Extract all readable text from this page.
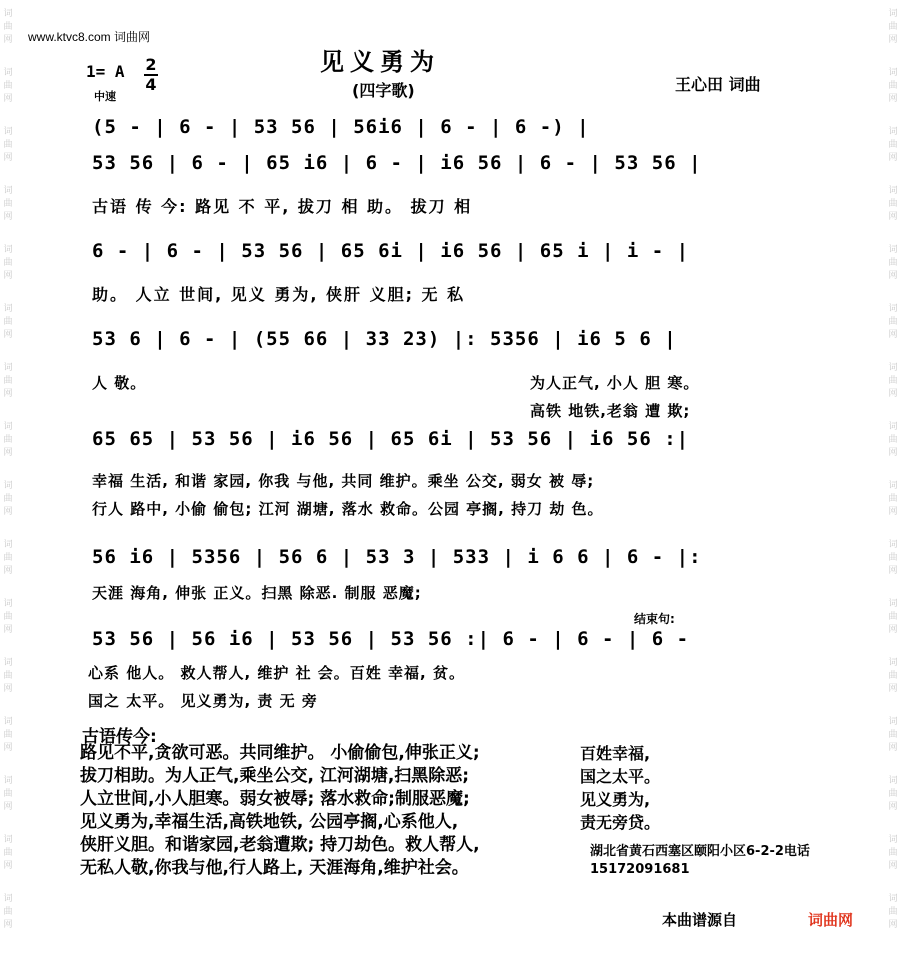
www.ktvc8.com 词曲网
词
曲
网
词
曲
网
词
曲
网
词
曲
网
词
曲
网
词
曲
网
词
曲
网
词
曲
网
词
曲
网
词
曲
网
词
曲
网
词
曲
网
词
曲
网
词
曲
网
词
曲
网
词
曲
网
词
曲
网
词
曲
网
词
曲
网
词
曲
网
词
曲
网
词
曲
网
词
曲
网
词
曲
网
词
曲
网
词
曲
网
词
曲
网
词
曲
网
词
曲
网
词
曲
网
词
曲
网
词
曲
网
见义勇为
(四字歌)	王心田 词曲
1= A 2
4
中速
(5 - | 6 - | 53 56 | 56i6 | 6 - | 6 -) |
53 56 | 6 - | 65 i6 | 6 - | i6 56 | 6 - | 53 56 |
古语 传 今: 路见 不 平, 拔刀 相 助。 拔刀 相
6 - | 6 - | 53 56 | 65 6i | i6 56 | 65 i | i - |
助。 人立 世间, 见义 勇为, 侠肝 义胆; 无 私
53 6 | 6 - | (55 66 | 33 23) |: 5356 | i6 5 6 |
人 敬。	为人正气, 小人 胆 寒。
高铁 地铁,老翁 遭 欺;
65 65 | 53 56 | i6 56 | 65 6i | 53 56 | i6 56 :|
幸福 生活, 和谐 家园, 你我 与他, 共同 维护。乘坐 公交, 弱女 被 辱;
行人 路中, 小偷 偷包; 江河 湖塘, 落水 救命。公园 亭搁, 持刀 劫 色。
56 i6 | 5356 | 56 6 | 53 3 | 533 | i 6 6 | 6 - |:
天涯 海角, 伸张 正义。扫黑 除恶. 制服 恶魔;
结束句:
53 56 | 56 i6 | 53 56 | 53 56 :| 6 - | 6 - | 6 -
心系 他人。 救人帮人, 维护 社 会。百姓 幸福, 贫。
国之 太平。 见义勇为, 责 无 旁
古语传今:
路见不平,贪欲可恶。共同维护。 小偷偷包,伸张正义;
拔刀相助。为人正气,乘坐公交, 江河湖塘,扫黑除恶;
人立世间,小人胆寒。弱女被辱; 落水救命;制服恶魔;
见义勇为,幸福生活,高铁地铁, 公园亭搁,心系他人,
侠肝义胆。和谐家园,老翁遭欺; 持刀劫色。救人帮人,
无私人敬,你我与他,行人路上, 天涯海角,维护社会。
百姓幸福,
国之太平。
见义勇为,
责无旁贷。
湖北省黄石西塞区颐阳小区6-2-2电话15172091681
本曲谱源自	词曲网
